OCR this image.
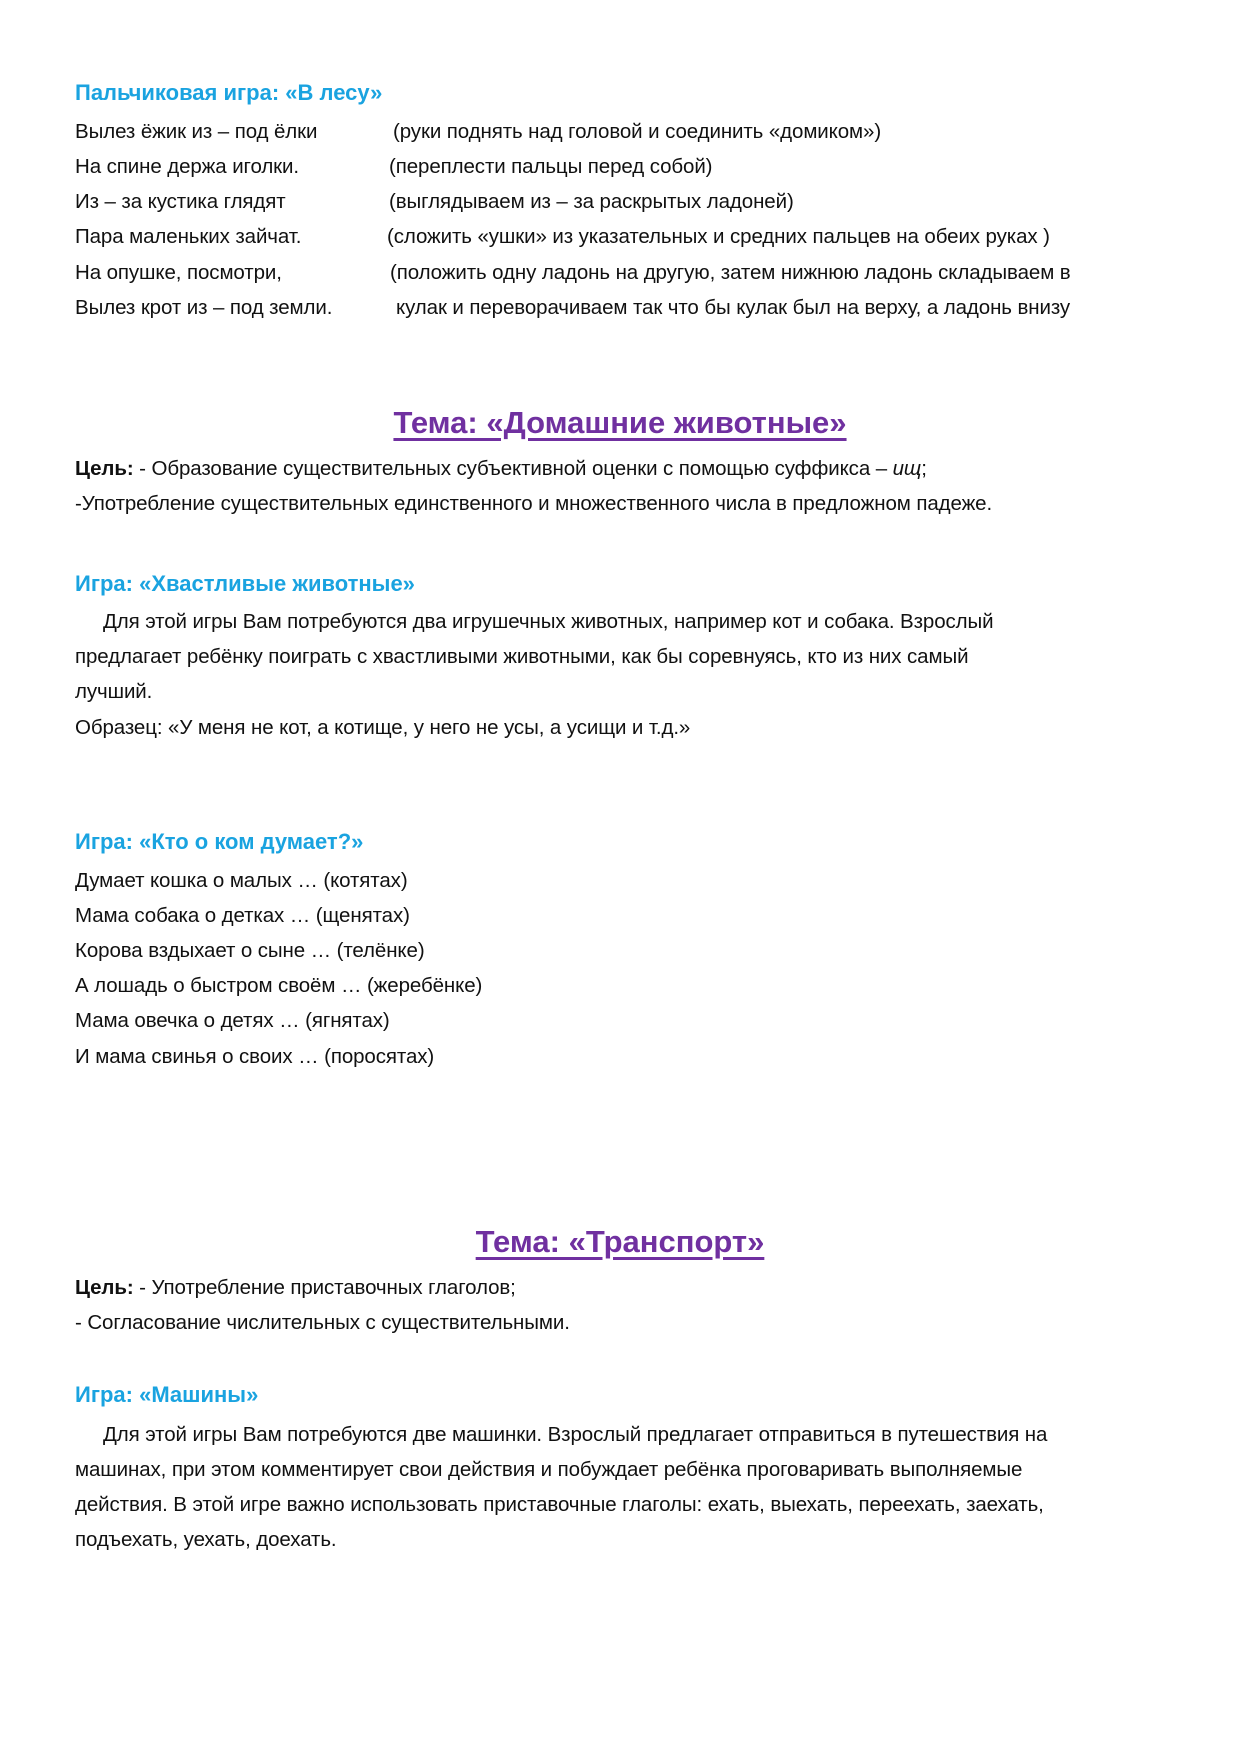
Пальчиковая игра: «В лесу»
Вылез ёжик из – под ёлки	(руки поднять над головой и соединить «домиком»)
На спине держа иголки.	(переплести пальцы перед собой)
Из – за кустика глядят	(выглядываем из – за раскрытых ладоней)
Пара маленьких зайчат.	(сложить «ушки» из указательных и средних пальцев на обеих руках )
На опушке, посмотри,	(положить одну ладонь на другую, затем нижнюю ладонь складываем в
Вылез крот из – под земли.	кулак и переворачиваем так что бы кулак был на верху, а ладонь внизу
Тема: «Домашние животные»
Цель: - Образование существительных субъективной оценки с помощью суффикса – ищ;
-Употребление существительных единственного и множественного числа в предложном падеже.
Игра: «Хвастливые животные»
Для этой игры Вам потребуются два игрушечных животных, например кот и собака. Взрослый
предлагает ребёнку поиграть с хвастливыми животными, как бы соревнуясь, кто из них самый
лучший.
Образец: «У меня не кот, а котище, у него не усы, а усищи и т.д.»
Игра: «Кто о ком думает?»
Думает кошка о малых … (котятах)
Мама собака о детках … (щенятах)
Корова вздыхает о сыне … (телёнке)
А лошадь о быстром своём … (жеребёнке)
Мама овечка о детях … (ягнятах)
И мама свинья о своих … (поросятах)
Тема: «Транспорт»
Цель: - Употребление приставочных глаголов;
- Согласование числительных с существительными.
Игра: «Машины»
Для этой игры Вам потребуются две машинки. Взрослый предлагает отправиться в путешествия на
машинах, при этом комментирует свои действия и побуждает ребёнка проговаривать выполняемые
действия. В этой игре важно использовать приставочные глаголы: ехать, выехать, переехать, заехать,
подъехать, уехать, доехать.
